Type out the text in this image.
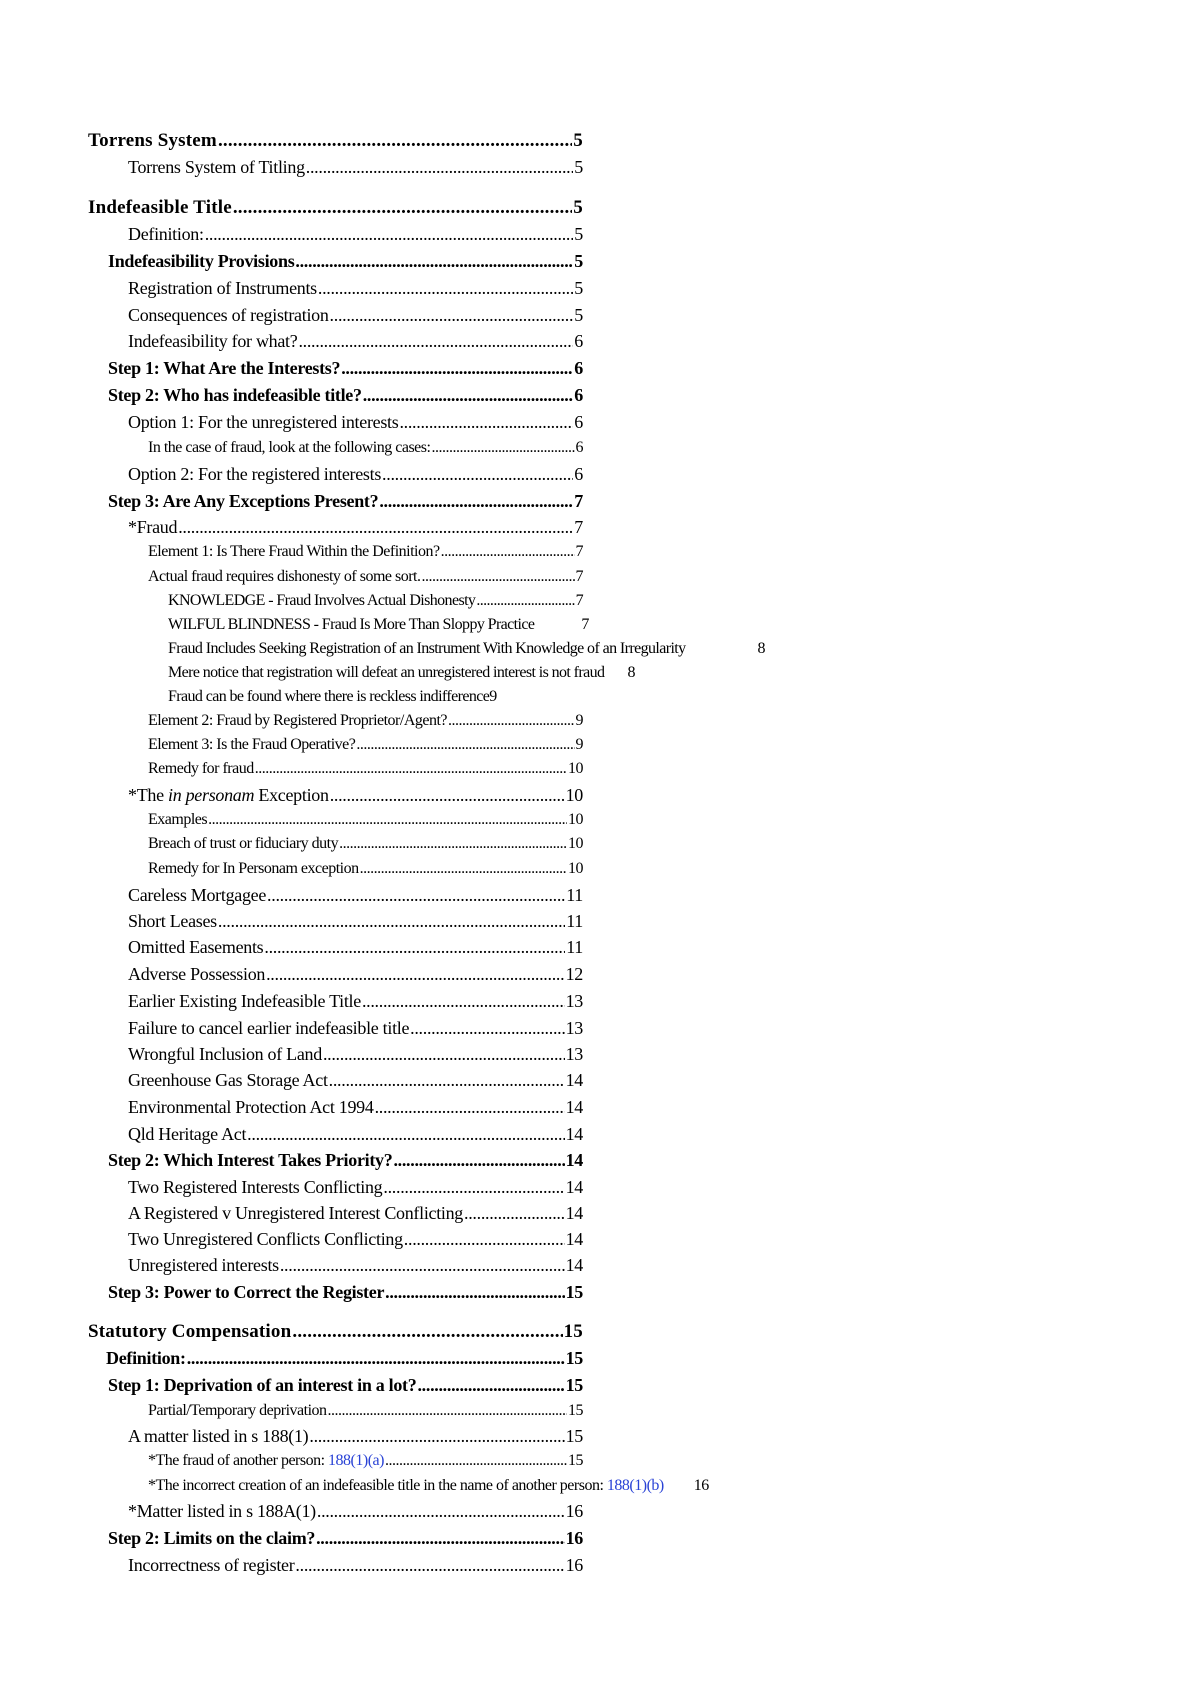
Torrens System .....	5
Torrens System of Titling .....	5
Indefeasible Title .....	5
Definition: .....	5
Indefeasibility Provisions .....	5
Registration of Instruments .....	5
Consequences of registration .....	5
Indefeasibility for what? .....	6
Step 1: What Are the Interests? .....	6
Step 2: Who has indefeasible title? .....	6
Option 1: For the unregistered interests .....	6
In the case of fraud, look at the following cases: .....	6
Option 2: For the registered interests .....	6
Step 3: Are Any Exceptions Present? .....	7
*Fraud .....	7
Element 1: Is There Fraud Within the Definition? .....	7
Actual fraud requires dishonesty of some sort. .....	7
KNOWLEDGE - Fraud Involves Actual Dishonesty .....	7
WILFUL BLINDNESS - Fraud Is More Than Sloppy Practice	7
Fraud Includes Seeking Registration of an Instrument With Knowledge of an Irregularity	8
Mere notice that registration will defeat an unregistered interest is not fraud 8
Fraud can be found where there is reckless indifference 9
Element 2: Fraud by Registered Proprietor/Agent? .....	9
Element 3: Is the Fraud Operative? .....	9
Remedy for fraud .....	10
*The in personam Exception .....	10
Examples .....	10
Breach of trust or fiduciary duty .....	10
Remedy for In Personam exception .....	10
Careless Mortgagee .....	11
Short Leases .....	11
Omitted Easements .....	11
Adverse Possession .....	12
Earlier Existing Indefeasible Title .....	13
Failure to cancel earlier indefeasible title .....	13
Wrongful Inclusion of Land .....	13
Greenhouse Gas Storage Act .....	14
Environmental Protection Act 1994 .....	14
Qld Heritage Act .....	14
Step 2: Which Interest Takes Priority? .....	14
Two Registered Interests Conflicting .....	14
A Registered v Unregistered Interest Conflicting .....	14
Two Unregistered Conflicts Conflicting .....	14
Unregistered interests .....	14
Step 3: Power to Correct the Register .....	15
Statutory Compensation .....	15
Definition: .....	15
Step 1: Deprivation of an interest in a lot? .....	15
Partial/Temporary deprivation .....	15
A matter listed in s 188(1) .....	15
*The fraud of another person: 188(1)(a) .....	15
*The incorrect creation of an indefeasible title in the name of another person: 188(1)(b) 16
*Matter listed in s 188A(1) .....	16
Step 2: Limits on the claim? .....	16
Incorrectness of register .....	16
